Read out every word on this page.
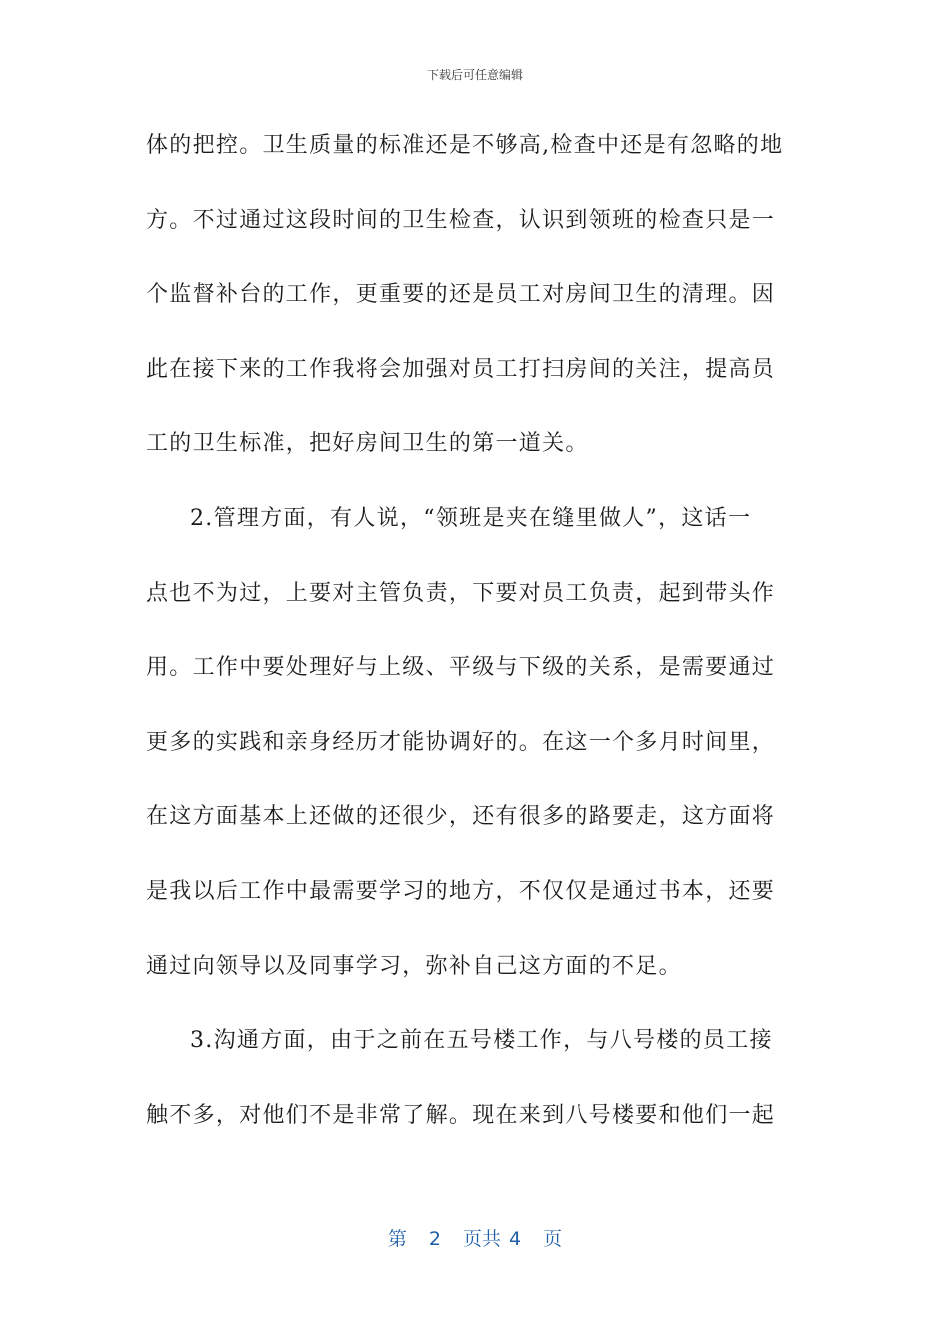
下载后可任意编辑
体的把控。卫生质量的标准还是不够高,检查中还是有忽略的地
方。不过通过这段时间的卫生检查，认识到领班的检查只是一
个监督补台的工作，更重要的还是员工对房间卫生的清理。因
此在接下来的工作我将会加强对员工打扫房间的关注，提高员
工的卫生标准，把好房间卫生的第一道关。
2.管理方面，有人说，“领班是夹在缝里做人”，这话一
点也不为过，上要对主管负责，下要对员工负责，起到带头作
用。工作中要处理好与上级、平级与下级的关系，是需要通过
更多的实践和亲身经历才能协调好的。在这一个多月时间里，
在这方面基本上还做的还很少，还有很多的路要走，这方面将
是我以后工作中最需要学习的地方，不仅仅是通过书本，还要
通过向领导以及同事学习，弥补自己这方面的不足。
3.沟通方面，由于之前在五号楼工作，与八号楼的员工接
触不多，对他们不是非常了解。现在来到八号楼要和他们一起
第 2 页共 4 页
